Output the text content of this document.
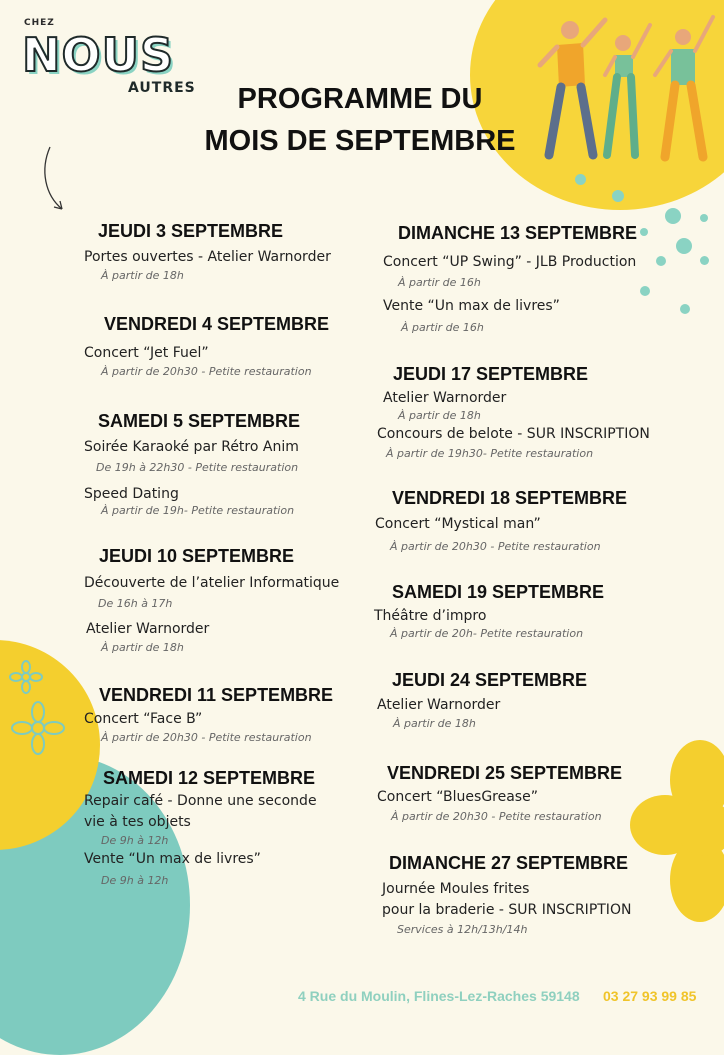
CHEZ
NOUS
AUTRES	PROGRAMME DU
MOIS DE SEPTEMBRE
JEUDI 3 SEPTEMBRE
Portes ouvertes - Atelier Warnorder
À partir de 18h
VENDREDI 4 SEPTEMBRE
Concert “Jet Fuel”
À partir de 20h30 - Petite restauration
SAMEDI 5 SEPTEMBRE
Soirée Karaoké par Rétro Anim
De 19h à 22h30 - Petite restauration
Speed Dating
À partir de 19h- Petite restauration
JEUDI 10 SEPTEMBRE
Découverte de l’atelier Informatique
De 16h à 17h
Atelier Warnorder
À partir de 18h
VENDREDI 11 SEPTEMBRE
Concert “Face B”
À partir de 20h30 - Petite restauration
SAMEDI 12 SEPTEMBRE
Repair café - Donne une seconde
vie à tes objets
De 9h à 12h
Vente “Un max de livres”
De 9h à 12h
DIMANCHE 13 SEPTEMBRE
Concert “UP Swing” - JLB Production
À partir de 16h
Vente “Un max de livres”
À partir de 16h
JEUDI 17 SEPTEMBRE
Atelier Warnorder
À partir de 18h
Concours de belote - SUR INSCRIPTION
À partir de 19h30- Petite restauration
VENDREDI 18 SEPTEMBRE
Concert “Mystical man”
À partir de 20h30 - Petite restauration
SAMEDI 19 SEPTEMBRE
Théâtre d’impro
À partir de 20h- Petite restauration
JEUDI 24 SEPTEMBRE
Atelier Warnorder
À partir de 18h
VENDREDI 25 SEPTEMBRE
Concert “BluesGrease”
À partir de 20h30 - Petite restauration
DIMANCHE 27 SEPTEMBRE
Journée Moules frites
pour la braderie - SUR INSCRIPTION
Services à 12h/13h/14h
4 Rue du Moulin, Flines-Lez-Raches 59148 03 27 93 99 85
